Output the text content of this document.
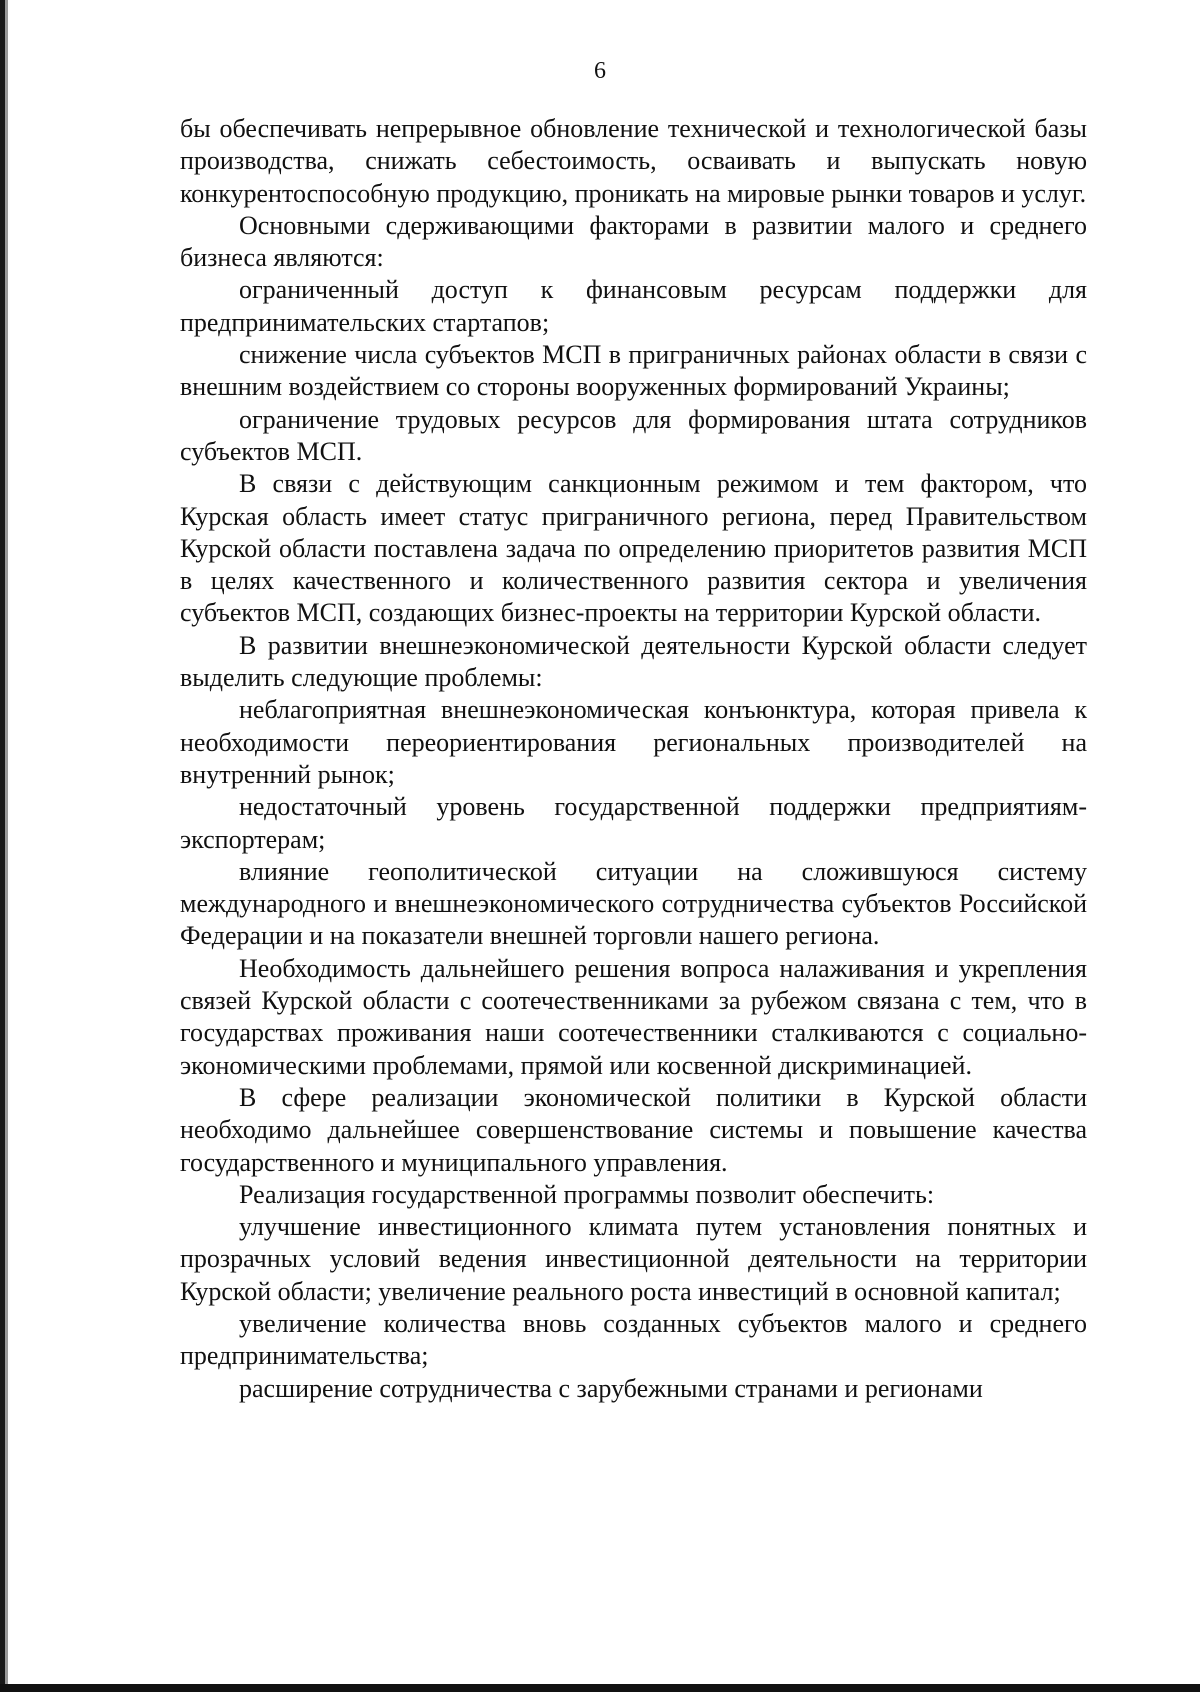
6

бы обеспечивать непрерывное обновление технической и технологической базы производства, снижать себестоимость, осваивать и выпускать новую конкурентоспособную продукцию, проникать на мировые рынки товаров и услуг.

Основными сдерживающими факторами в развитии малого и среднего бизнеса являются:

ограниченный доступ к финансовым ресурсам поддержки для предпринимательских стартапов;

снижение числа субъектов МСП в приграничных районах области в связи с внешним воздействием со стороны вооруженных формирований Украины;

ограничение трудовых ресурсов для формирования штата сотрудников субъектов МСП.

В связи с действующим санкционным режимом и тем фактором, что Курская область имеет статус приграничного региона, перед Правительством Курской области поставлена задача по определению приоритетов развития МСП в целях качественного и количественного развития сектора и увеличения субъектов МСП, создающих бизнес-проекты на территории Курской области.

В развитии внешнеэкономической деятельности Курской области следует выделить следующие проблемы:

неблагоприятная внешнеэкономическая конъюнктура, которая привела к необходимости переориентирования региональных производителей на внутренний рынок;

недостаточный уровень государственной поддержки предприятиям-экспортерам;

влияние геополитической ситуации на сложившуюся систему международного и внешнеэкономического сотрудничества субъектов Российской Федерации и на показатели внешней торговли нашего региона.

Необходимость дальнейшего решения вопроса налаживания и укрепления связей Курской области с соотечественниками за рубежом связана с тем, что в государствах проживания наши соотечественники сталкиваются с социально-экономическими проблемами, прямой или косвенной дискриминацией.

В сфере реализации экономической политики в Курской области необходимо дальнейшее совершенствование системы и повышение качества государственного и муниципального управления.

Реализация государственной программы позволит обеспечить:

улучшение инвестиционного климата путем установления понятных и прозрачных условий ведения инвестиционной деятельности на территории Курской области; увеличение реального роста инвестиций в основной капитал;

увеличение количества вновь созданных субъектов малого и среднего предпринимательства;

расширение сотрудничества с зарубежными странами и регионами
